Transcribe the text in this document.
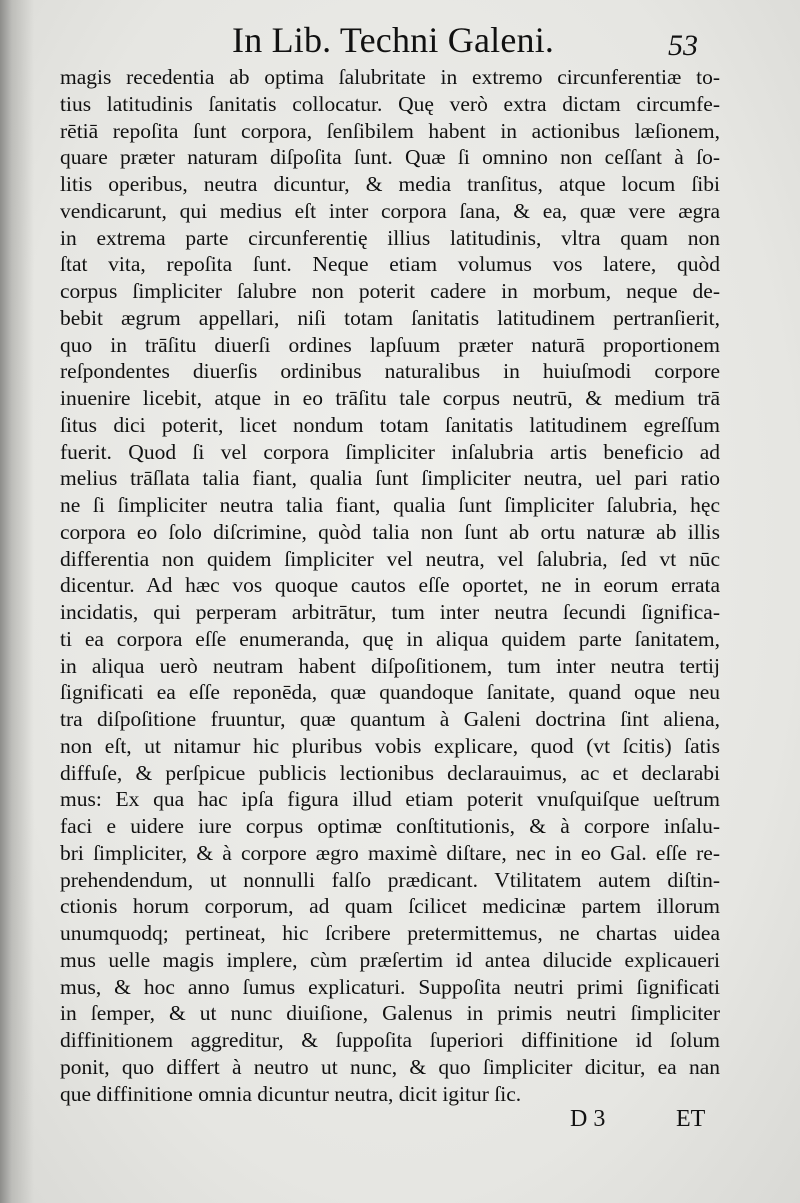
In Lib. Techni Galeni.	53
magis recedentia ab optima ſalubritate in extremo circunferentiæ to-
tius latitudinis ſanitatis collocatur. Quę verò extra dictam circumfe-
rētiā repoſita ſunt corpora, ſenſibilem habent in actionibus læſionem,
quare præter naturam diſpoſita ſunt. Quæ ſi omnino non ceſſant à ſo-
litis operibus, neutra dicuntur, & media tranſitus, atque locum ſibi
vendicarunt, qui medius eſt inter corpora ſana, & ea, quæ vere ægra
in extrema parte circunferentię illius latitudinis, vltra quam non
ſtat vita, repoſita ſunt. Neque etiam volumus vos latere, quòd
corpus ſimpliciter ſalubre non poterit cadere in morbum, neque de-
bebit ægrum appellari, niſi totam ſanitatis latitudinem pertranſierit,
quo in trāſitu diuerſi ordines lapſuum præter naturā proportionem
reſpondentes diuerſis ordinibus naturalibus in huiuſmodi corpore
inuenire licebit, atque in eo trāſitu tale corpus neutrū, & medium trā
ſitus dici poterit, licet nondum totam ſanitatis latitudinem egreſſum
fuerit. Quod ſi vel corpora ſimpliciter inſalubria artis beneficio ad
melius trāſlata talia fiant, qualia ſunt ſimpliciter neutra, uel pari ratio
ne ſi ſimpliciter neutra talia fiant, qualia ſunt ſimpliciter ſalubria, hęc
corpora eo ſolo diſcrimine, quòd talia non ſunt ab ortu naturæ ab illis
differentia non quidem ſimpliciter vel neutra, vel ſalubria, ſed vt nūc
dicentur. Ad hæc vos quoque cautos eſſe oportet, ne in eorum errata
incidatis, qui perperam arbitrātur, tum inter neutra ſecundi ſignifica-
ti ea corpora eſſe enumeranda, quę in aliqua quidem parte ſanitatem,
in aliqua uerò neutram habent diſpoſitionem, tum inter neutra tertij
ſignificati ea eſſe reponēda, quæ quandoque ſanitate, quand oque neu
tra diſpoſitione fruuntur, quæ quantum à Galeni doctrina ſint aliena,
non eſt, ut nitamur hic pluribus vobis explicare, quod (vt ſcitis) ſatis
diffuſe, & perſpicue publicis lectionibus declarauimus, ac et declarabi
mus: Ex qua hac ipſa figura illud etiam poterit vnuſquiſque ueſtrum
faci e uidere iure corpus optimæ conſtitutionis, & à corpore inſalu-
bri ſimpliciter, & à corpore ægro maximè diſtare, nec in eo Gal. eſſe re-
prehendendum, ut nonnulli falſo prædicant. Vtilitatem autem diſtin-
ctionis horum corporum, ad quam ſcilicet medicinæ partem illorum
unumquodq; pertineat, hic ſcribere pretermittemus, ne chartas uidea
mus uelle magis implere, cùm præſertim id antea dilucide explicaueri
mus, & hoc anno ſumus explicaturi. Suppoſita neutri primi ſignificati
in ſemper, & ut nunc diuiſione, Galenus in primis neutri ſimpliciter
diffinitionem aggreditur, & ſuppoſita ſuperiori diffinitione id ſolum
ponit, quo differt à neutro ut nunc, & quo ſimpliciter dicitur, ea nan
que diffinitione omnia dicuntur neutra, dicit igitur ſic.
D 3	ET
